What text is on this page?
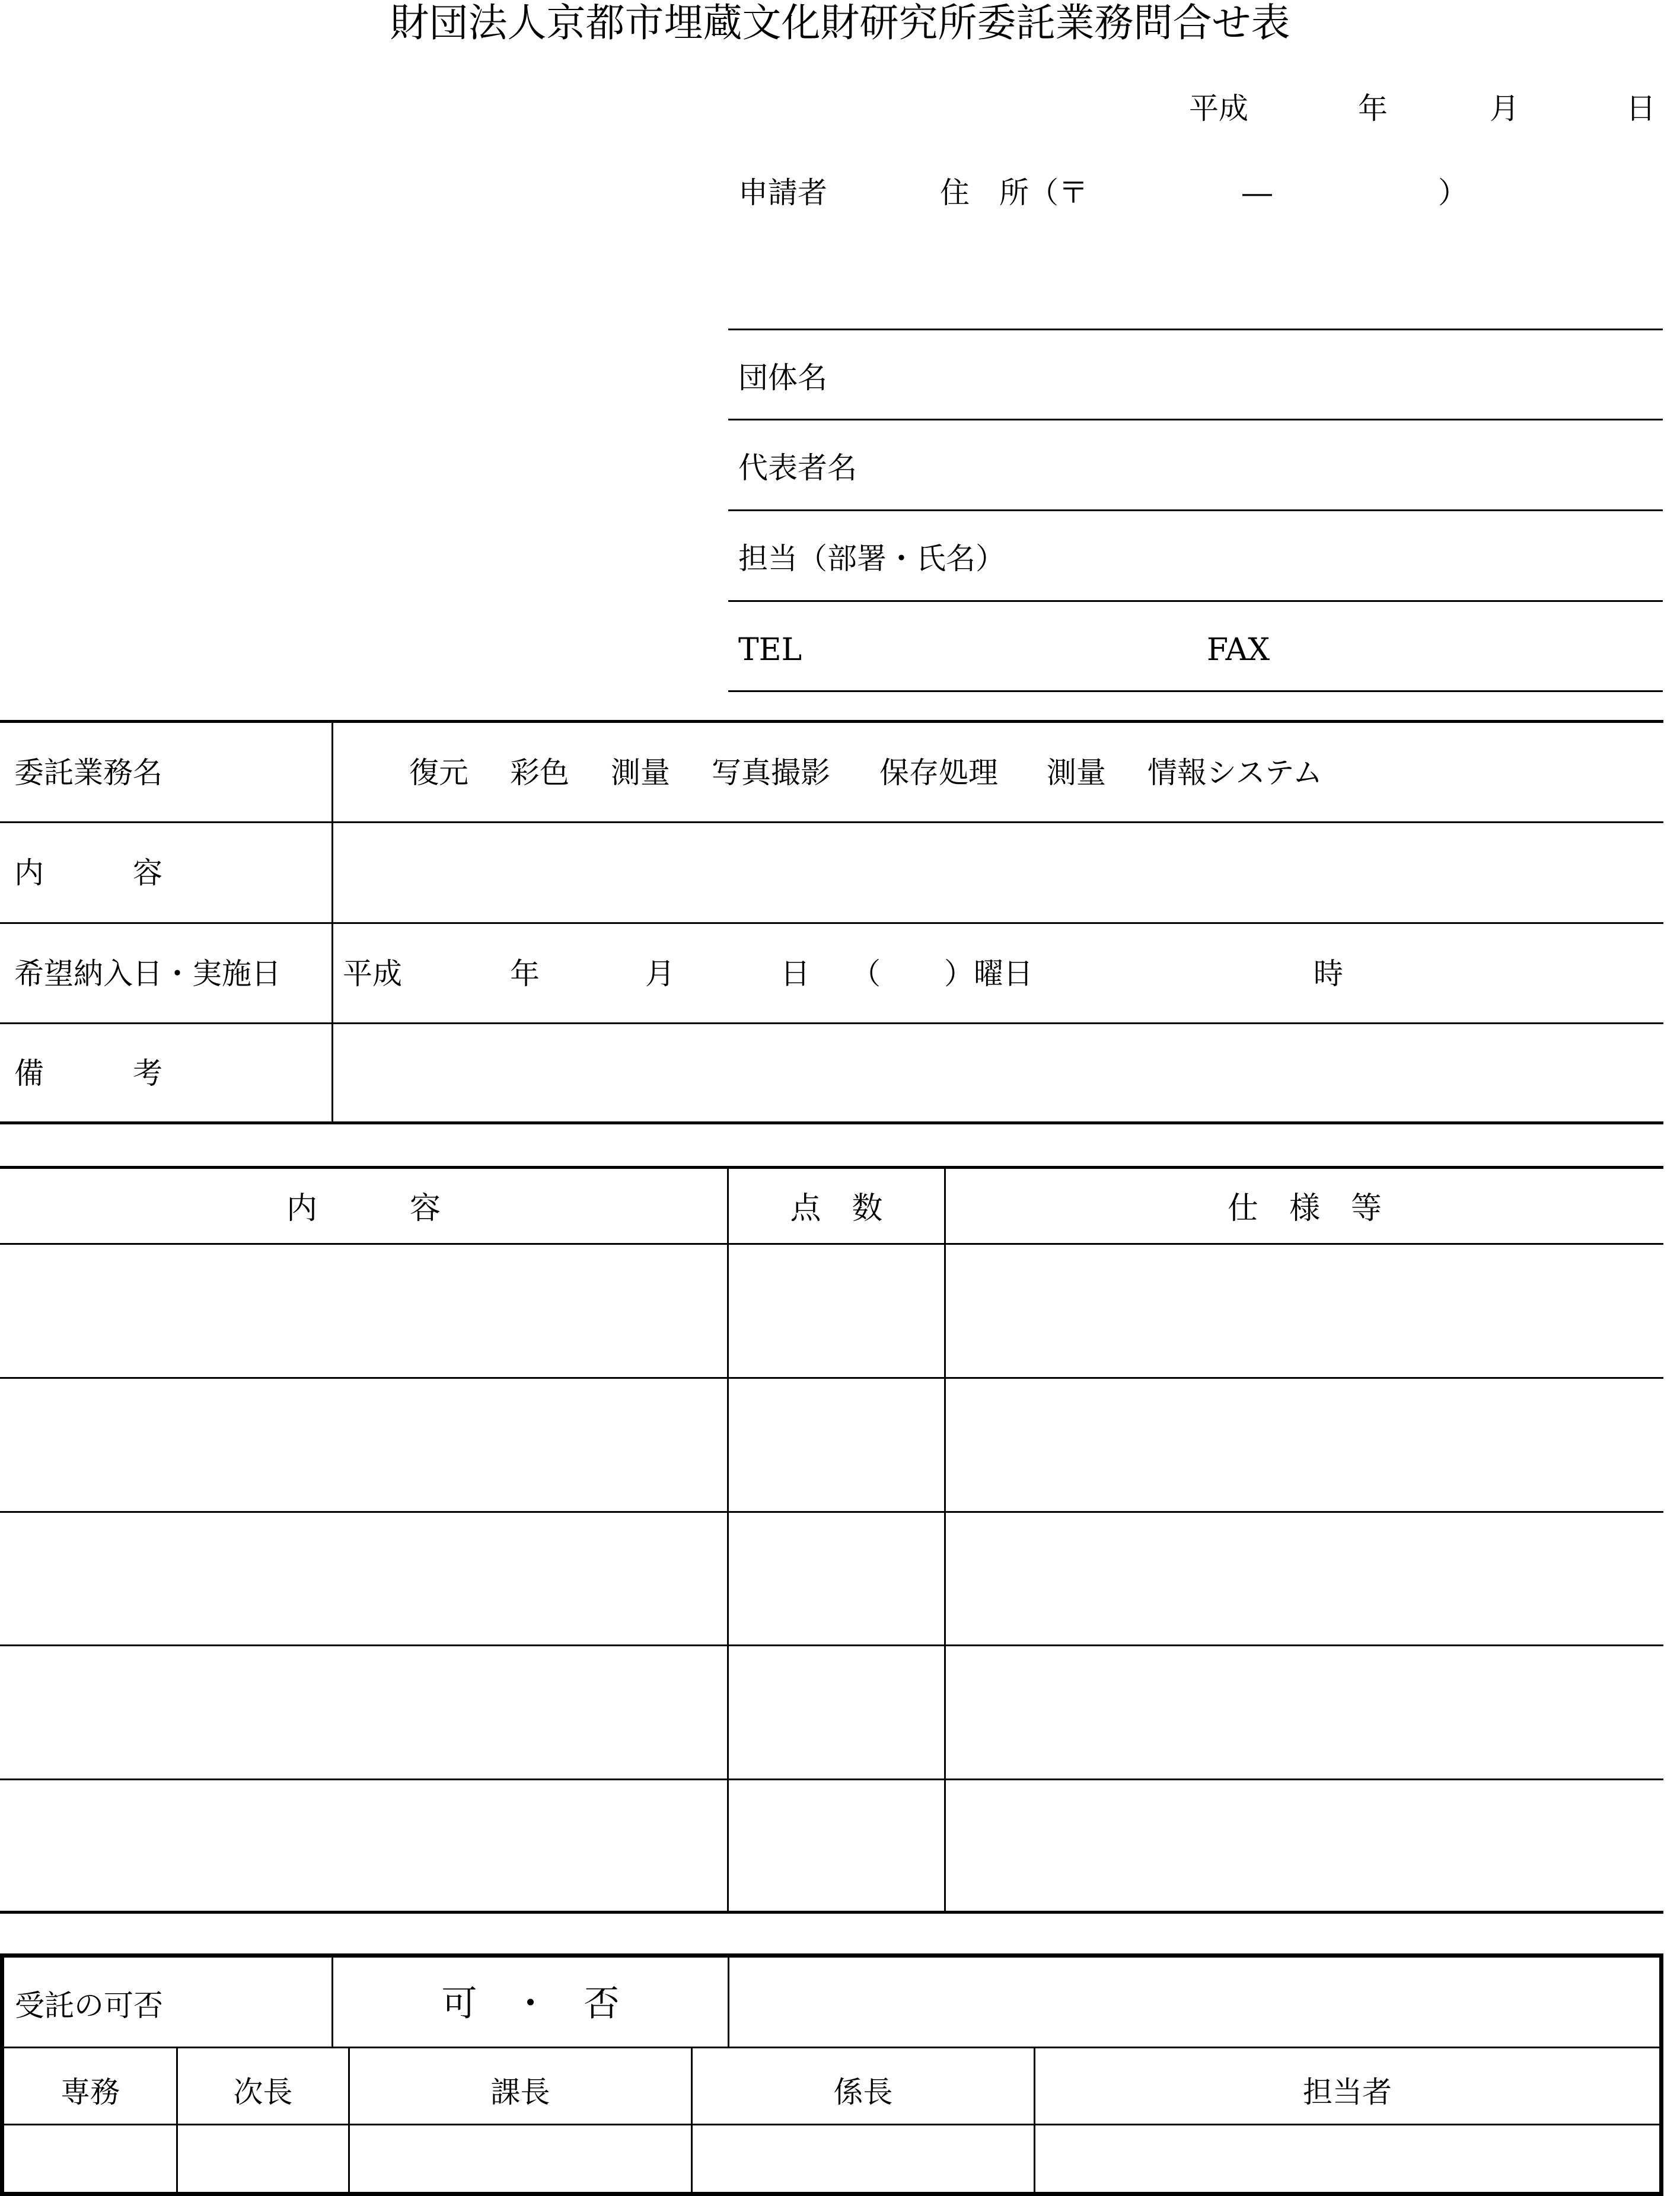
財団法人京都市埋蔵文化財研究所委託業務問合せ表
平成	年	月	日
申請者	住　所（〒	―	）
団体名
代表者名
担当（部署・氏名）
TEL	FAX
委託業務名	復元 彩色 測量 写真撮影 保存処理 測量 情報システム
内　　　容
希望納入日・実施日 平成	年	月	日 （ ）曜日	時
備　　　考
内　　　容	点　数	仕　様　等
受託の可否	可　・　否
専務	次長	課長	係長	担当者
